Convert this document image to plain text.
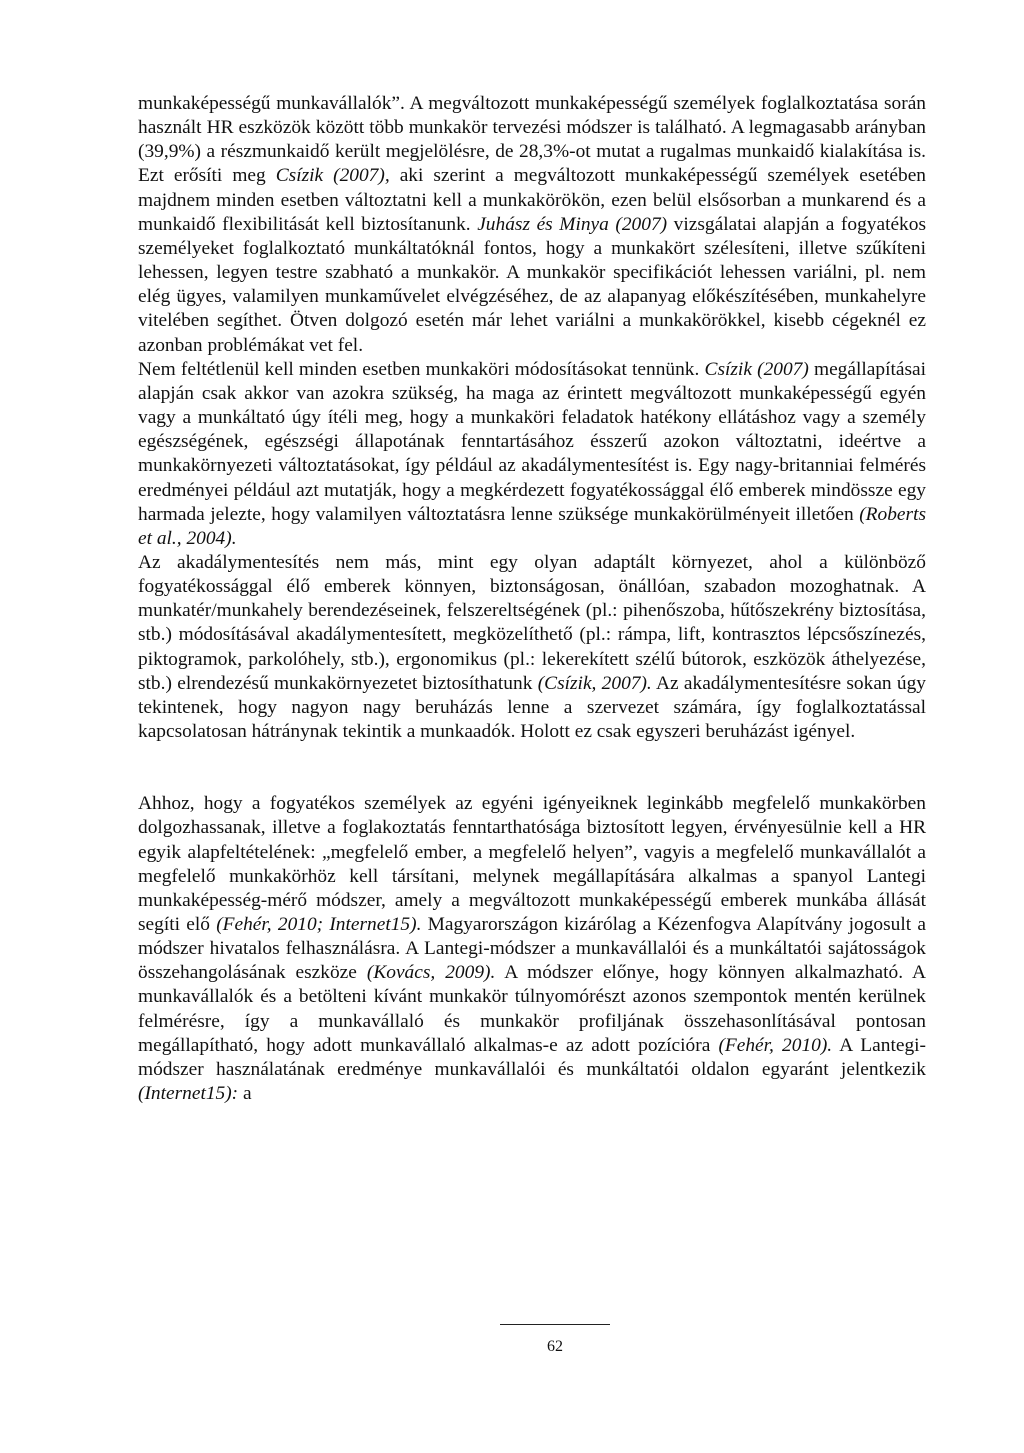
munkaképességű munkavállalók”. A megváltozott munkaképességű személyek foglalkoztatása során használt HR eszközök között több munkakör tervezési módszer is található. A legmagasabb arányban (39,9%) a részmunkaidő került megjelölésre, de 28,3%-ot mutat a rugalmas munkaidő kialakítása is. Ezt erősíti meg Csízik (2007), aki szerint a megváltozott munkaképességű személyek esetében majdnem minden esetben változtatni kell a munkakörökön, ezen belül elsősorban a munkarend és a munkaidő flexibilitását kell biztosítanunk. Juhász és Minya (2007) vizsgálatai alapján a fogyatékos személyeket foglalkoztató munkáltatóknál fontos, hogy a munkakört szélesíteni, illetve szűkíteni lehessen, legyen testre szabható a munkakör. A munkakör specifikációt lehessen variálni, pl. nem elég ügyes, valamilyen munkaművelet elvégzéséhez, de az alapanyag előkészítésében, munkahelyre vitelében segíthet. Ötven dolgozó esetén már lehet variálni a munkakörökkel, kisebb cégeknél ez azonban problémákat vet fel.

Nem feltétlenül kell minden esetben munkaköri módosításokat tennünk. Csízik (2007) megállapításai alapján csak akkor van azokra szükség, ha maga az érintett megváltozott munkaképességű egyén vagy a munkáltató úgy ítéli meg, hogy a munkaköri feladatok hatékony ellátáshoz vagy a személy egészségének, egészségi állapotának fenntartásához ésszerű azokon változtatni, ideértve a munkakörnyezeti változtatásokat, így például az akadálymentesítést is. Egy nagy-britanniai felmérés eredményei például azt mutatják, hogy a megkérdezett fogyatékossággal élő emberek mindössze egy harmada jelezte, hogy valamilyen változtatásra lenne szüksége munkakörülményeit illetően (Roberts et al., 2004).

Az akadálymentesítés nem más, mint egy olyan adaptált környezet, ahol a különböző fogyatékossággal élő emberek könnyen, biztonságosan, önállóan, szabadon mozoghatnak. A munkatér/munkahely berendezéseinek, felszereltségének (pl.: pihenőszoba, hűtőszekrény biztosítása, stb.) módosításával akadálymentesített, megközelíthető (pl.: rámpa, lift, kontrasztos lépcsőszínezés, piktogramok, parkolóhely, stb.), ergonomikus (pl.: lekerekített szélű bútorok, eszközök áthelyezése, stb.) elrendezésű munkakörnyezetet biztosíthatunk (Csízik, 2007). Az akadálymentesítésre sokan úgy tekintenek, hogy nagyon nagy beruházás lenne a szervezet számára, így foglalkoztatással kapcsolatosan hátránynak tekintik a munkaadók. Holott ez csak egyszeri beruházást igényel.

Ahhoz, hogy a fogyatékos személyek az egyéni igényeiknek leginkább megfelelő munkakörben dolgozhassanak, illetve a foglakoztatás fenntarthatósága biztosított legyen, érvényesülnie kell a HR egyik alapfeltételének: „megfelelő ember, a megfelelő helyen”, vagyis a megfelelő munkavállalót a megfelelő munkakörhöz kell társítani, melynek megállapítására alkalmas a spanyol Lantegi munkaképesség-mérő módszer, amely a megváltozott munkaképességű emberek munkába állását segíti elő (Fehér, 2010; Internet15). Magyarországon kizárólag a Kézenfogva Alapítvány jogosult a módszer hivatalos felhasználásra. A Lantegi-módszer a munkavállalói és a munkáltatói sajátosságok összehangolásának eszköze (Kovács, 2009). A módszer előnye, hogy könnyen alkalmazható. A munkavállalók és a betölteni kívánt munkakör túlnyomórészt azonos szempontok mentén kerülnek felmérésre, így a munkavállaló és munkakör profiljának összehasonlításával pontosan megállapítható, hogy adott munkavállaló alkalmas-e az adott pozícióra (Fehér, 2010). A Lantegi-módszer használatának eredménye munkavállalói és munkáltatói oldalon egyaránt jelentkezik (Internet15): a

62
